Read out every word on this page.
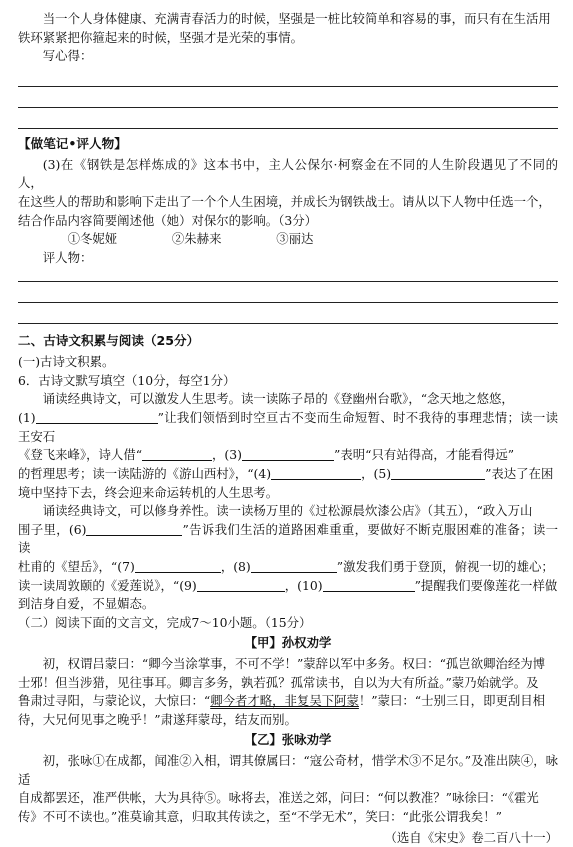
当一个人身体健康、充满青春活力的时候，坚强是一桩比较简单和容易的事，而只有在生活用

铁环紧紧把你箍起来的时候，坚强才是光荣的事情。

写心得：

【做笔记•评人物】

(3)在《钢铁是怎样炼成的》这本书中，主人公保尔·柯察金在不同的人生阶段遇见了不同的人，

在这些人的帮助和影响下走出了一个个人生困境，并成长为钢铁战士。请从以下人物中任选一个，

结合作品内容简要阐述他（她）对保尔的影响。（3分）

①冬妮娅	②朱赫来	③丽达

评人物：

二、古诗文积累与阅读（25分）

(一)古诗文积累。

6．古诗文默写填空（10分，每空1分）

诵读经典诗文，可以激发人生思考。读一读陈子昂的《登幽州台歌》，“念天地之悠悠，

(1)	”让我们领悟到时空亘古不变而生命短暂、时不我待的事理悲情；读一读王安石

《登飞来峰》，诗人借“	，(3)	”表明“只有站得高，才能看得远”

的哲理思考；读一读陆游的《游山西村》，“(4)	，(5)	”表达了在困

境中坚持下去，终会迎来命运转机的人生思考。

诵读经典诗文，可以修身养性。读一读杨万里的《过松源晨炊漆公店》（其五），“政入万山

围子里，(6)	”告诉我们生活的道路困难重重，要做好不断克服困难的准备；读一读

杜甫的《望岳》，“(7)	，(8)	”激发我们勇于登顶，俯视一切的雄心；

读一读周敦颐的《爱莲说》，“(9)	，(10)	”提醒我们要像莲花一样做

到洁身自爱，不显媚态。

（二）阅读下面的文言文，完成7～10小题。（15分）

【甲】孙权劝学

初，权谓吕蒙曰：“卿今当涂掌事，不可不学！”蒙辞以军中多务。权曰：“孤岂欲卿治经为博

士邪！但当涉猎，见往事耳。卿言多务，孰若孤？孤常读书，自以为大有所益。”蒙乃始就学。及

鲁肃过寻阳，与蒙论议，大惊曰：“卿今者才略，非复吴下阿蒙！”蒙曰：“士别三日，即更刮目相

待，大兄何见事之晚乎！”肃遂拜蒙母，结友而别。

【乙】张咏劝学

初，张咏①在成都，闻准②入相，谓其僚属曰：“寇公奇材，惜学术③不足尔。”及准出陕④，咏适

自成都罢还，准严供帐，大为具待⑤。咏将去，准送之郊，问曰：“何以教准？”咏徐曰：“《霍光

传》不可不读也。”准莫谕其意，归取其传读之，至“不学无术”，笑曰：“此张公谓我矣！”

（选自《宋史》卷二百八十一）
